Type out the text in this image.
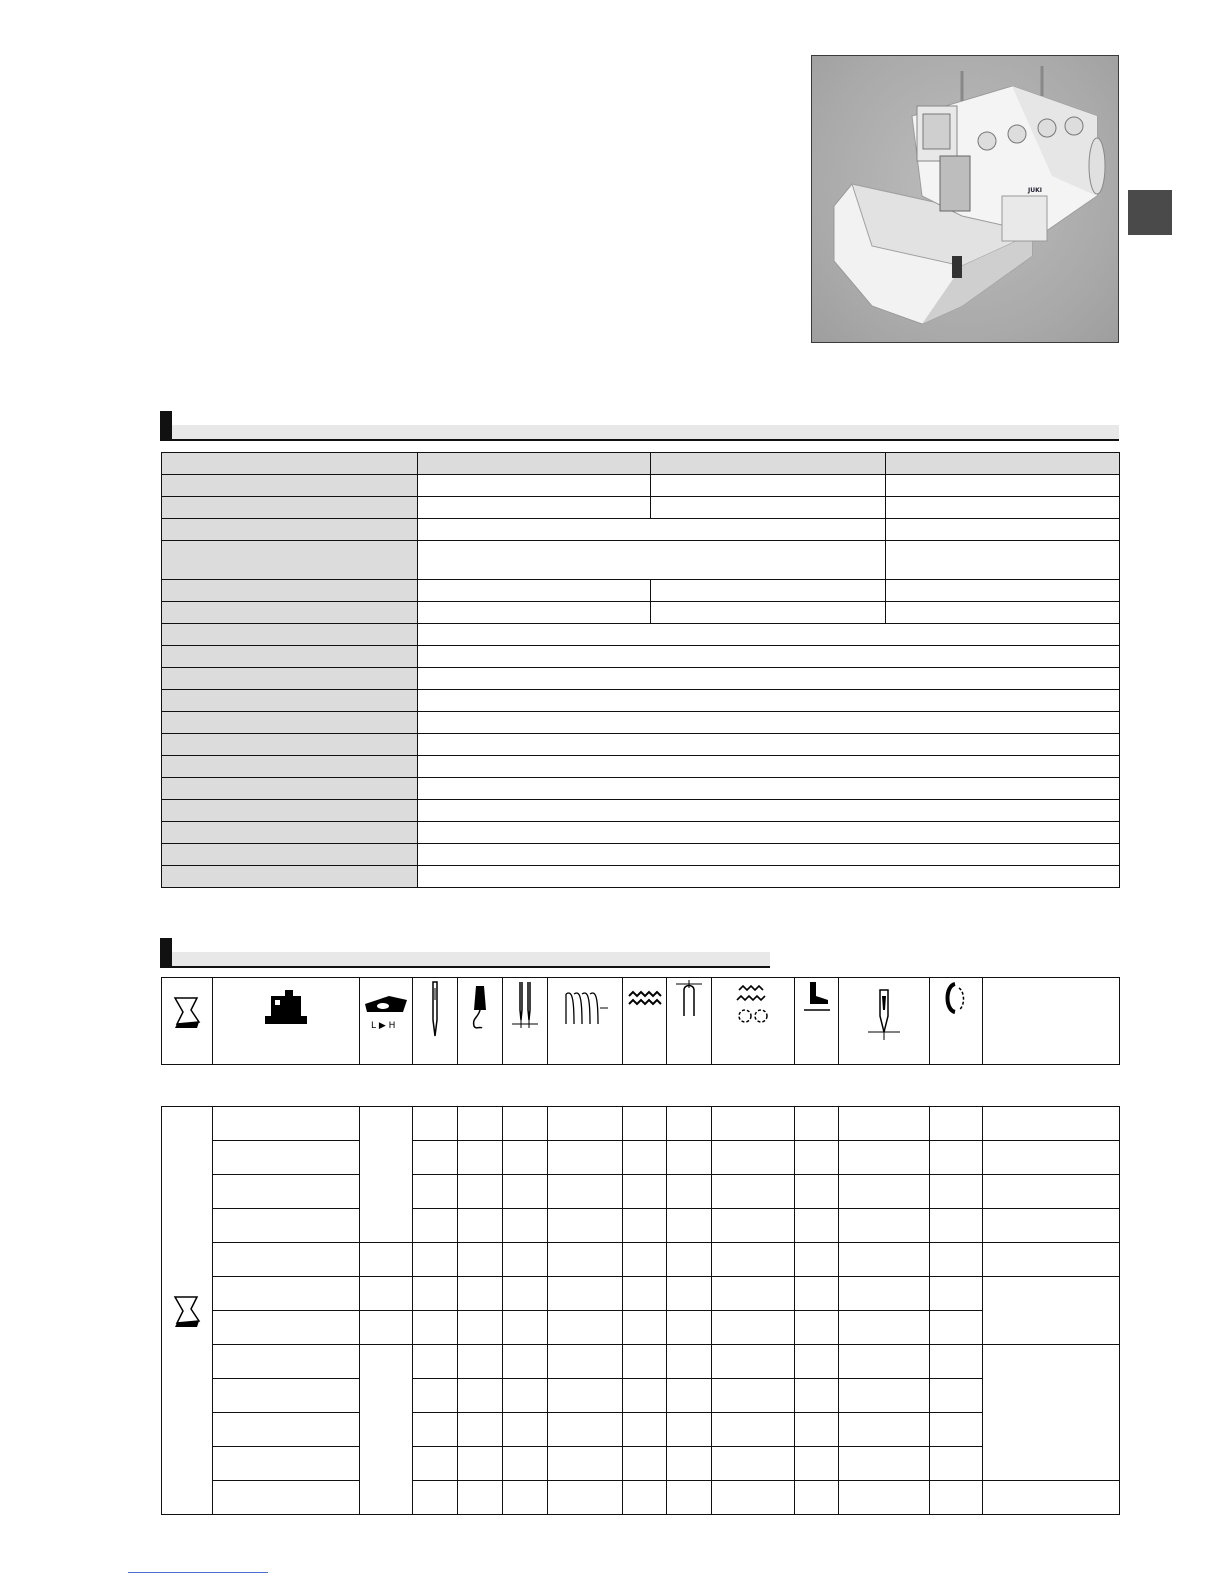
JUKI

L ▶ H
